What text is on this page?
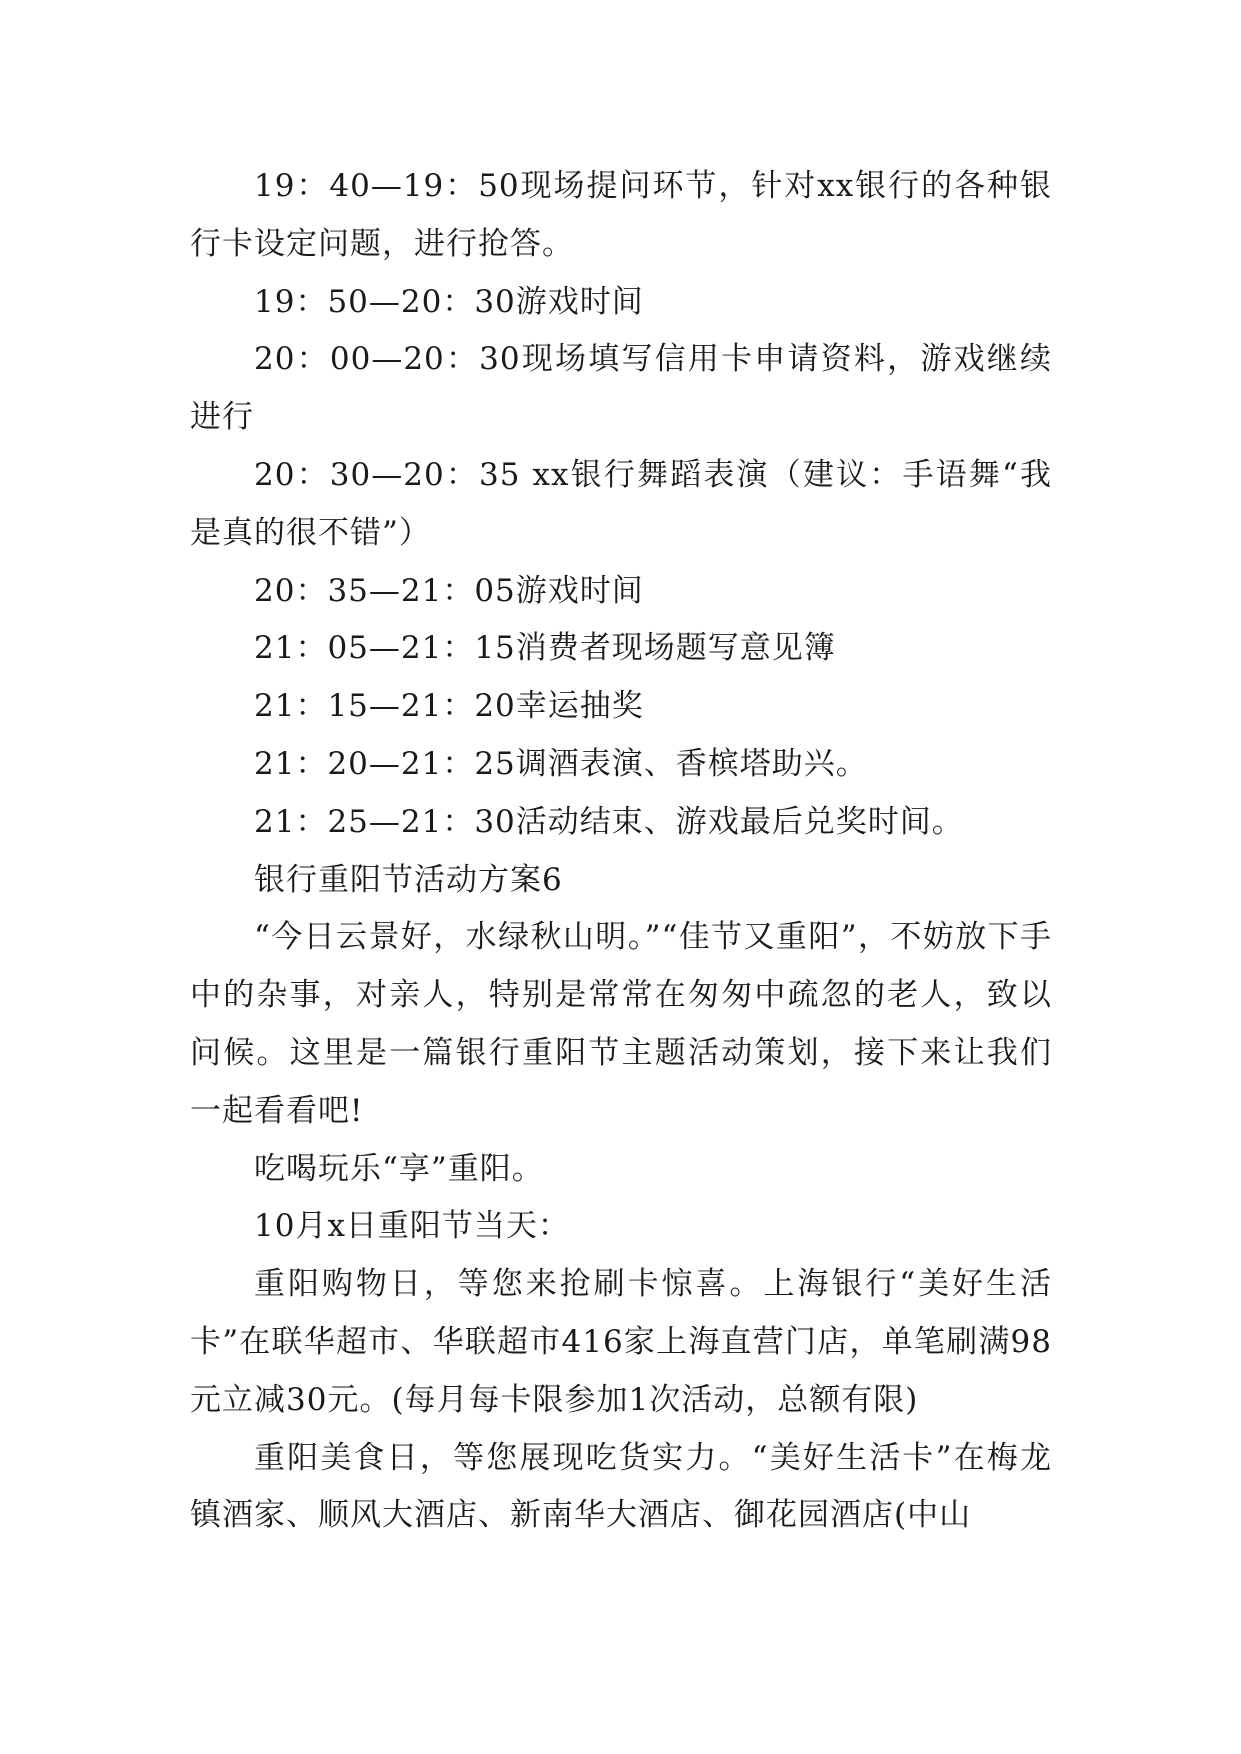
19：40—19：50现场提问环节，针对xx银行的各种银行卡设定问题，进行抢答。

19：50—20：30游戏时间

20：00—20：30现场填写信用卡申请资料，游戏继续进行

20：30—20：35 xx银行舞蹈表演（建议：手语舞“我是真的很不错”）

20：35—21：05游戏时间

21：05—21：15消费者现场题写意见簿

21：15—21：20幸运抽奖

21：20—21：25调酒表演、香槟塔助兴。

21：25—21：30活动结束、游戏最后兑奖时间。

银行重阳节活动方案6

“今日云景好，水绿秋山明。”“佳节又重阳”，不妨放下手中的杂事，对亲人，特别是常常在匆匆中疏忽的老人，致以问候。这里是一篇银行重阳节主题活动策划，接下来让我们一起看看吧!

吃喝玩乐“享”重阳。

10月x日重阳节当天：

重阳购物日，等您来抢刷卡惊喜。上海银行“美好生活卡”在联华超市、华联超市416家上海直营门店，单笔刷满98元立减30元。(每月每卡限参加1次活动，总额有限)

重阳美食日，等您展现吃货实力。“美好生活卡”在梅龙镇酒家、顺风大酒店、新南华大酒店、御花园酒店(中山
